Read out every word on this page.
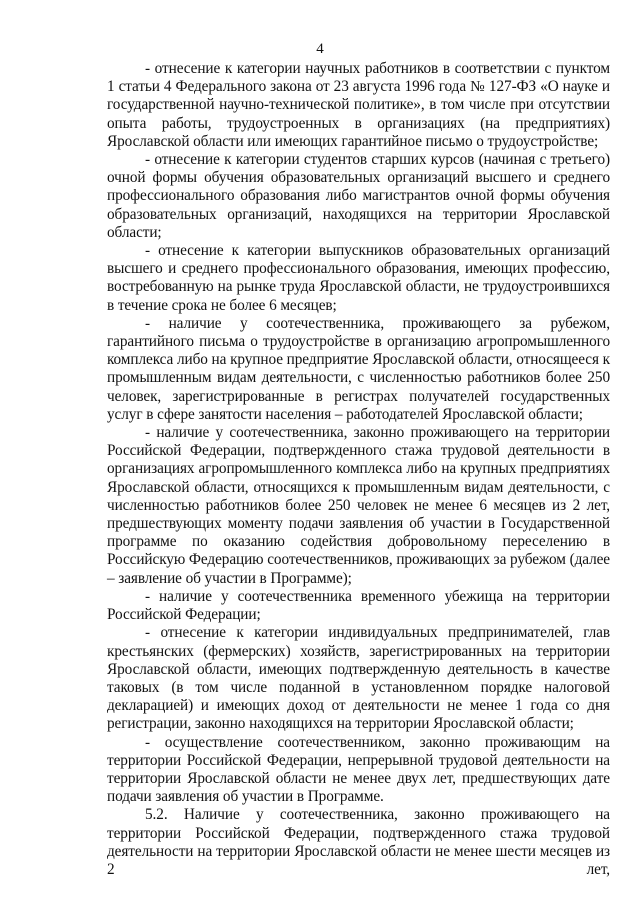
4

- отнесение к категории научных работников в соответствии с пунктом 1 статьи 4 Федерального закона от 23 августа 1996 года № 127-ФЗ «О науке и государственной научно-технической политике», в том числе при отсутствии опыта работы, трудоустроенных в организациях (на предприятиях) Ярославской области или имеющих гарантийное письмо о трудоустройстве;

- отнесение к категории студентов старших курсов (начиная с третьего) очной формы обучения образовательных организаций высшего и среднего профессионального образования либо магистрантов очной формы обучения образовательных организаций, находящихся на территории Ярославской области;

- отнесение к категории выпускников образовательных организаций высшего и среднего профессионального образования, имеющих профессию, востребованную на рынке труда Ярославской области, не трудоустроившихся в течение срока не более 6 месяцев;

- наличие у соотечественника, проживающего за рубежом, гарантийного письма о трудоустройстве в организацию агропромышленного комплекса либо на крупное предприятие Ярославской области, относящееся к промышленным видам деятельности, с численностью работников более 250 человек, зарегистрированные в регистрах получателей государственных услуг в сфере занятости населения – работодателей Ярославской области;

- наличие у соотечественника, законно проживающего на территории Российской Федерации, подтвержденного стажа трудовой деятельности в организациях агропромышленного комплекса либо на крупных предприятиях Ярославской области, относящихся к промышленным видам деятельности, с численностью работников более 250 человек не менее 6 месяцев из 2 лет, предшествующих моменту подачи заявления об участии в Государственной программе по оказанию содействия добровольному переселению в Российскую Федерацию соотечественников, проживающих за рубежом (далее – заявление об участии в Программе);

- наличие у соотечественника временного убежища на территории Российской Федерации;

- отнесение к категории индивидуальных предпринимателей, глав крестьянских (фермерских) хозяйств, зарегистрированных на территории Ярославской области, имеющих подтвержденную деятельность в качестве таковых (в том числе поданной в установленном порядке налоговой декларацией) и имеющих доход от деятельности не менее 1 года со дня регистрации, законно находящихся на территории Ярославской области;

- осуществление соотечественником, законно проживающим на территории Российской Федерации, непрерывной трудовой деятельности на территории Ярославской области не менее двух лет, предшествующих дате подачи заявления об участии в Программе.

5.2. Наличие у соотечественника, законно проживающего на территории Российской Федерации, подтвержденного стажа трудовой деятельности на территории Ярославской области не менее шести месяцев из 2 лет,
